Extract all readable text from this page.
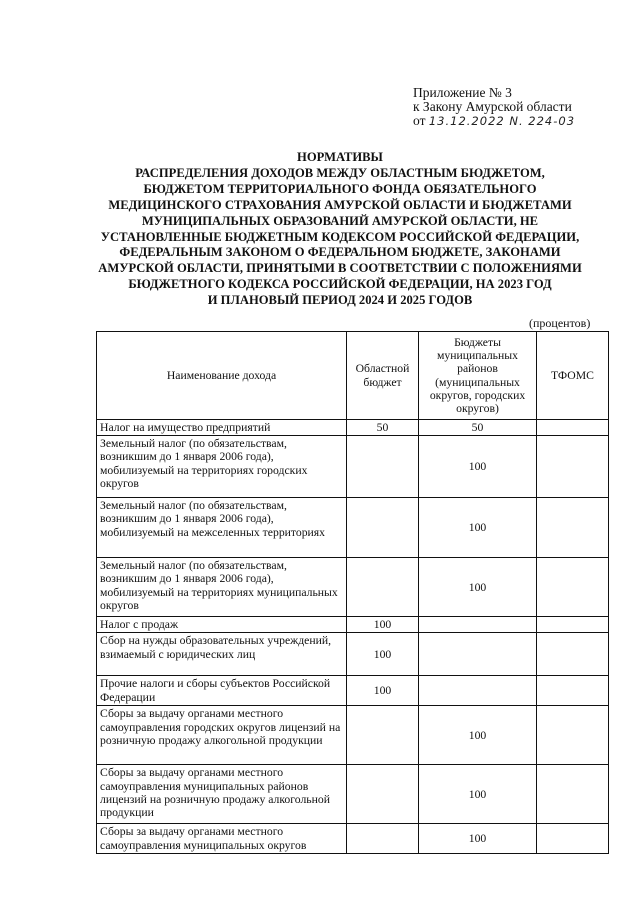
Приложение № 3
к Закону Амурской области
от 13.12.2022 N. 224-03
НОРМАТИВЫ
РАСПРЕДЕЛЕНИЯ ДОХОДОВ МЕЖДУ ОБЛАСТНЫМ БЮДЖЕТОМ,
БЮДЖЕТОМ ТЕРРИТОРИАЛЬНОГО ФОНДА ОБЯЗАТЕЛЬНОГО
МЕДИЦИНСКОГО СТРАХОВАНИЯ АМУРСКОЙ ОБЛАСТИ И БЮДЖЕТАМИ
МУНИЦИПАЛЬНЫХ ОБРАЗОВАНИЙ АМУРСКОЙ ОБЛАСТИ, НЕ
УСТАНОВЛЕННЫЕ БЮДЖЕТНЫМ КОДЕКСОМ РОССИЙСКОЙ ФЕДЕРАЦИИ,
ФЕДЕРАЛЬНЫМ ЗАКОНОМ О ФЕДЕРАЛЬНОМ БЮДЖЕТЕ, ЗАКОНАМИ
АМУРСКОЙ ОБЛАСТИ, ПРИНЯТЫМИ В СООТВЕТСТВИИ С ПОЛОЖЕНИЯМИ
БЮДЖЕТНОГО КОДЕКСА РОССИЙСКОЙ ФЕДЕРАЦИИ, НА 2023 ГОД
И ПЛАНОВЫЙ ПЕРИОД 2024 И 2025 ГОДОВ
(процентов)
Наименование дохода	Областной бюджет	Бюджеты муниципальных районов (муниципальных округов, городских округов)	ТФОМС
Налог на имущество предприятий	50	50	
Земельный налог (по обязательствам, возникшим до 1 января 2006 года), мобилизуемый на территориях городских округов		100	
Земельный налог (по обязательствам, возникшим до 1 января 2006 года), мобилизуемый на межселенных территориях		100	
Земельный налог (по обязательствам, возникшим до 1 января 2006 года), мобилизуемый на территориях муниципальных округов		100	
Налог с продаж	100		
Сбор на нужды образовательных учреждений, взимаемый с юридических лиц	100		
Прочие налоги и сборы субъектов Российской Федерации	100		
Сборы за выдачу органами местного самоуправления городских округов лицензий на розничную продажу алкогольной продукции		100	
Сборы за выдачу органами местного самоуправления муниципальных районов лицензий на розничную продажу алкогольной продукции		100	
Сборы за выдачу органами местного самоуправления муниципальных округов		100	
